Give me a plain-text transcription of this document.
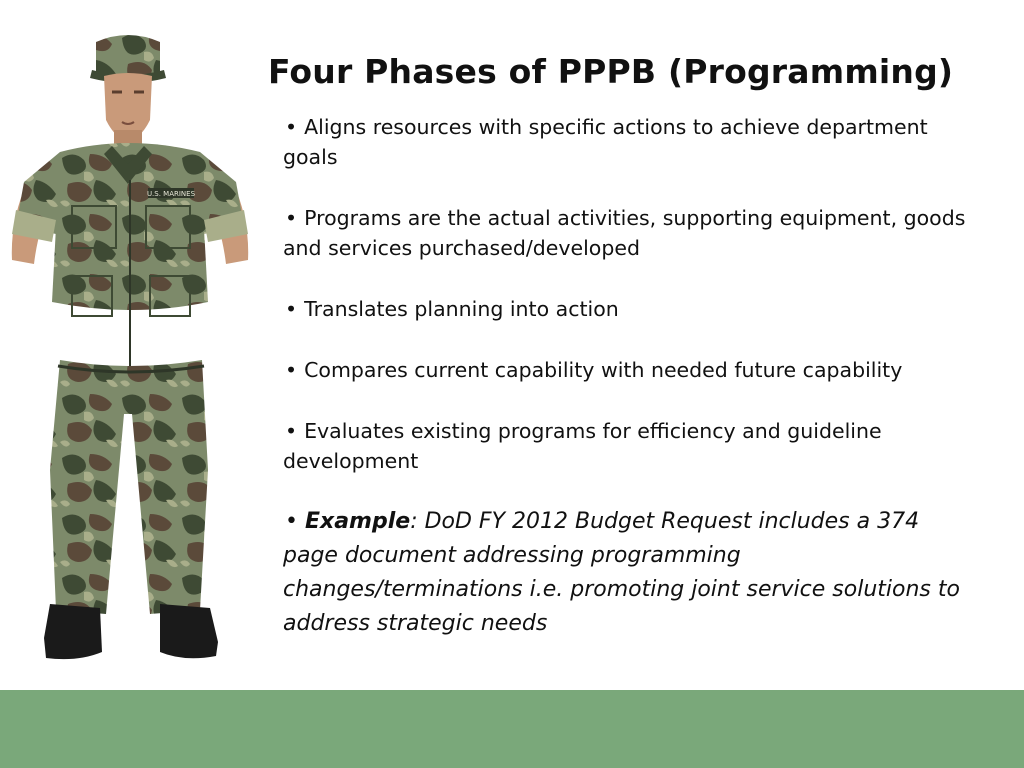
U.S. MARINES
Four Phases of PPPB (Programming)
• Aligns resources with specific actions to achieve department goals
• Programs are the actual activities, supporting equipment, goods and services purchased/developed
• Translates planning into action
• Compares current capability with needed future capability
• Evaluates existing programs for efficiency and guideline development
• Example: DoD FY 2012 Budget Request includes a 374 page document addressing programming changes/terminations i.e. promoting joint service solutions to address strategic needs
